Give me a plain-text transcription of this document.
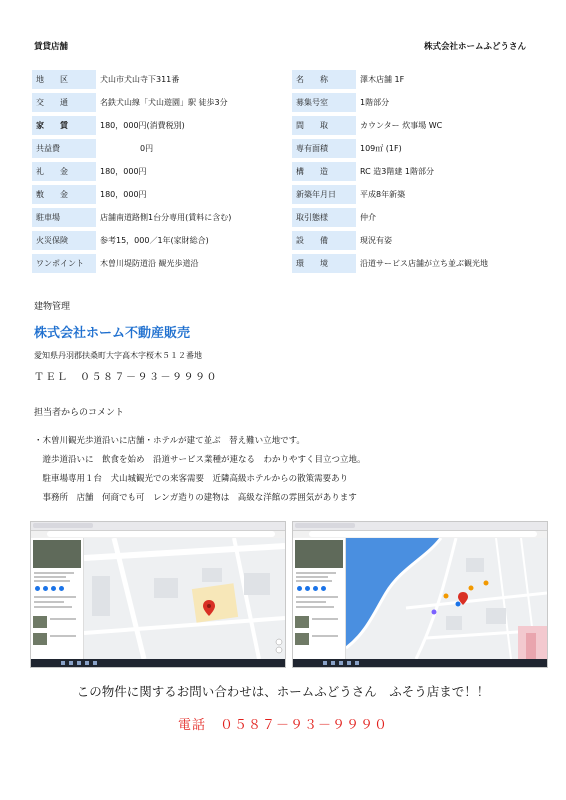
賃貸店舗	株式会社ホームふどうさん
地　　区	犬山市犬山寺下311番
交　　通	名鉄犬山線「犬山遊園」駅 徒歩3分
家　　賃	180，000円(消費税別)
共益費	　　　　　0円
礼　　金	180，000円
敷　　金	180，000円
駐車場	店舗南道路側1台分専用(賃料に含む)
火災保険	参考15，000／1年(家財総合)
ワンポイント	木曽川堤防道沿 観光歩道沿
名　　称	澤木店舗 1F
募集号室	1階部分
間　　取	カウンター 炊事場 WC
専有面積	109㎡ (1F)
構　　造	RC 造3階建 1階部分
新築年月日	平成8年新築
取引態様	仲介
設　　備	現況有姿
環　　境	沿道サービス店舗が立ち並ぶ観光地
建物管理
株式会社ホーム不動産販売
愛知県丹羽郡扶桑町大字高木字桜木５１２番地
ＴＥＬ　０５８７－９３－９９９０
担当者からのコメント
・木曽川観光歩道沿いに店舗・ホテルが建て並ぶ　替え難い立地です。
　遊歩道沿いに　飲食を始め　沿道サービス業種が連なる　わかりやすく目立つ立地。
　駐車場専用１台　犬山城観光での来客需要　近隣高級ホテルからの散策需要あり
　事務所　店舗　何商でも可　レンガ造りの建物は　高級な洋館の雰囲気があります
この物件に関するお問い合わせは、ホームふどうさん　ふそう店まで！！
電話　０５８７－９３－９９９０
